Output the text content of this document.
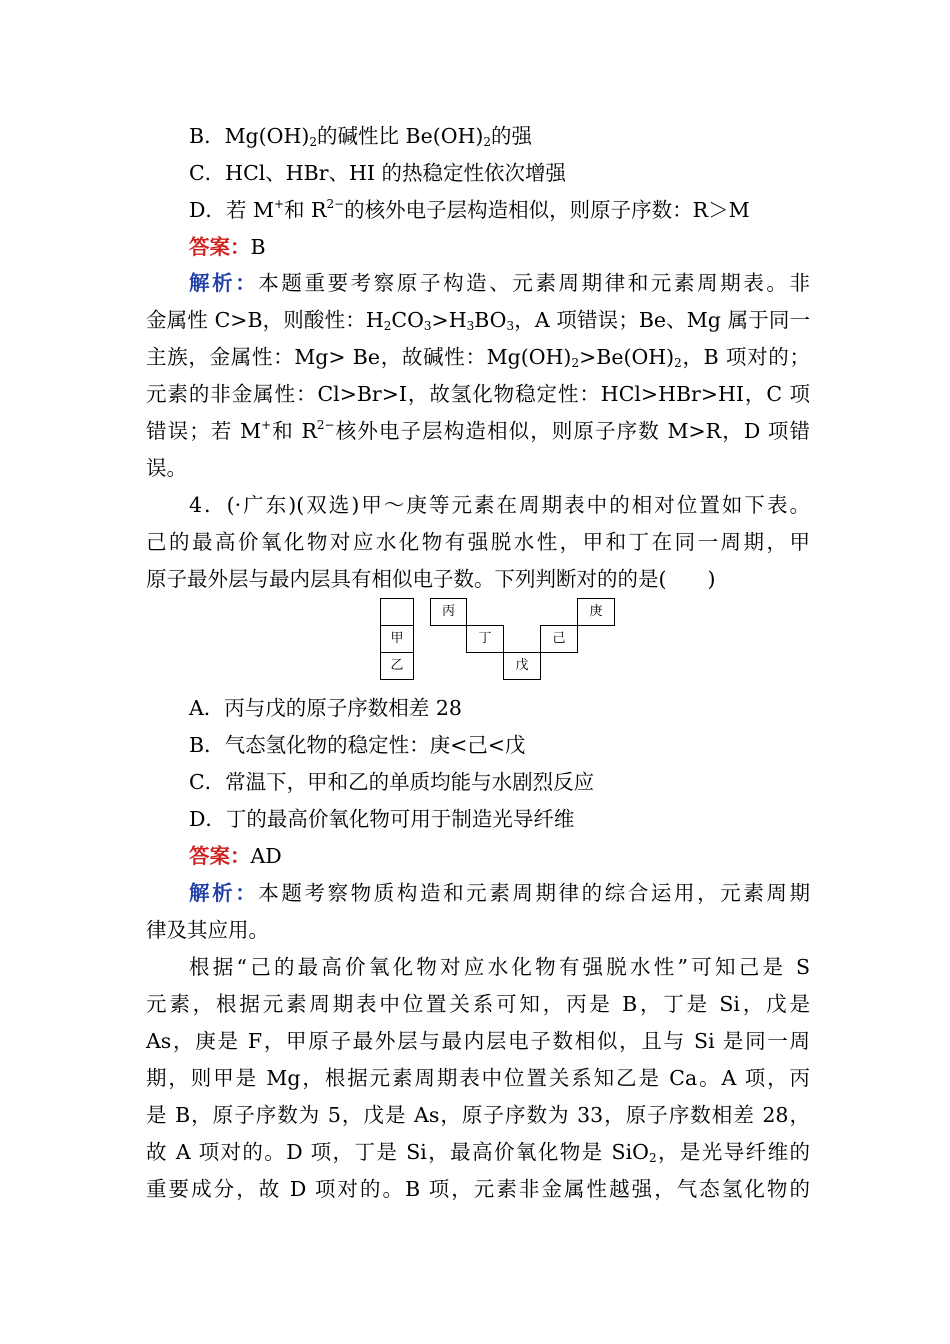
B．$Mg(OH)_2$的碱性比 $Be(OH)_2$的强
C．HCl、HBr、HI 的热稳定性依次增强
D．若 M+和 $R^{2-}$的核外电子层构造相似，则原子序数：R＞M
答案：B
解析：本题重要考察原子构造、元素周期律和元素周期表。非
金属性 C>B，则酸性：$H_2CO_3>H_3BO_3$，A 项错误；Be、Mg 属于同一
主族，金属性：Mg> Be，故碱性：$Mg(OH)_2>Be(OH)_2$，B 项对的；
元素的非金属性：Cl>Br>I，故氢化物稳定性：HCl>HBr>HI，C 项
错误；若 M+和 $R^{2-}$核外电子层构造相似，则原子序数 M>R，D 项错
误。
4．(·广东)(双选)甲～庚等元素在周期表中的相对位置如下表。
己的最高价氧化物对应水化物有强脱水性，甲和丁在同一周期，甲
原子最外层与最内层具有相似电子数。下列判断对的的是(　　)
甲
乙
丙
丁
戊
己
庚
A．丙与戊的原子序数相差 28
B．气态氢化物的稳定性：庚<己<戊
C．常温下，甲和乙的单质均能与水剧烈反应
D．丁的最高价氧化物可用于制造光导纤维
答案：AD
解析：本题考察物质构造和元素周期律的综合运用，元素周期
律及其应用。
根据“己的最高价氧化物对应水化物有强脱水性”可知己是 S
元素，根据元素周期表中位置关系可知，丙是 B，丁是 Si，戊是
As，庚是 F，甲原子最外层与最内层电子数相似，且与 Si 是同一周
期，则甲是 Mg，根据元素周期表中位置关系知乙是 Ca。A 项，丙
是 B，原子序数为 5，戊是 As，原子序数为 33，原子序数相差 28，
故 A 项对的。D 项，丁是 Si，最高价氧化物是 SiO$_2$，是光导纤维的
重要成分，故 D 项对的。B 项，元素非金属性越强，气态氢化物的
